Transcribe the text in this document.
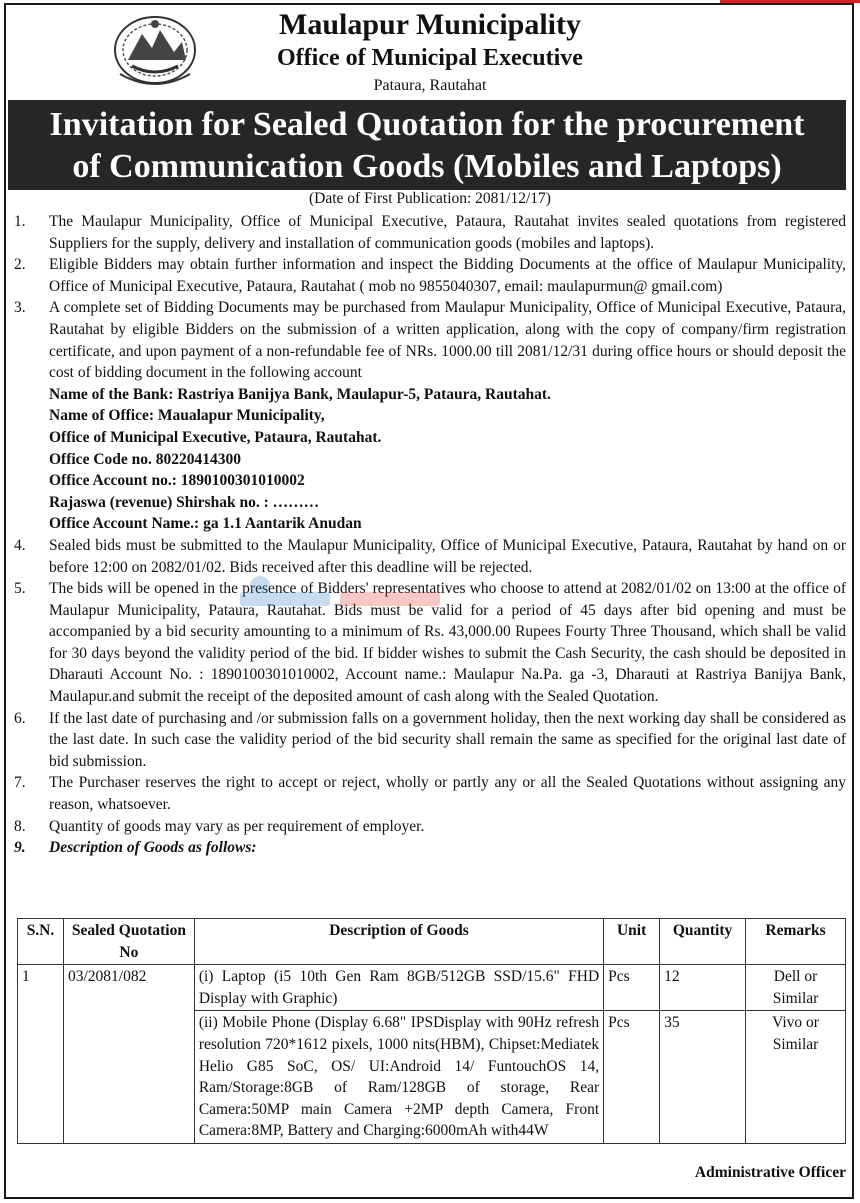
Maulapur Municipality
Office of Municipal Executive
Pataura, Rautahat
Invitation for Sealed Quotation for the procurement
of Communication Goods (Mobiles and Laptops)
(Date of First Publication: 2081/12/17)
1. The Maulapur Municipality, Office of Municipal Executive, Pataura, Rautahat invites sealed quotations from registered Suppliers for the supply, delivery and installation of communication goods (mobiles and laptops).
2. Eligible Bidders may obtain further information and inspect the Bidding Documents at the office of Maulapur Municipality, Office of Municipal Executive, Pataura, Rautahat ( mob no 9855040307, email: maulapurmun@ gmail.com)
3. A complete set of Bidding Documents may be purchased from Maulapur Municipality, Office of Municipal Executive, Pataura, Rautahat by eligible Bidders on the submission of a written application, along with the copy of company/firm registration certificate, and upon payment of a non-refundable fee of NRs. 1000.00 till 2081/12/31 during office hours or should deposit the cost of bidding document in the following account
Name of the Bank: Rastriya Banijya Bank, Maulapur-5, Pataura, Rautahat.
Name of Office: Maualapur Municipality,
Office of Municipal Executive, Pataura, Rautahat.
Office Code no. 80220414300
Office Account no.: 1890100301010002
Rajaswa (revenue) Shirshak no. : ………
Office Account Name.: ga 1.1 Aantarik Anudan
4. Sealed bids must be submitted to the Maulapur Municipality, Office of Municipal Executive, Pataura, Rautahat by hand on or before 12:00 on 2082/01/02. Bids received after this deadline will be rejected.
5. The bids will be opened in the presence of Bidders' representatives who choose to attend at 2082/01/02 on 13:00 at the office of Maulapur Municipality, Pataura, Rautahat. Bids must be valid for a period of 45 days after bid opening and must be accompanied by a bid security amounting to a minimum of Rs. 43,000.00 Rupees Fourty Three Thousand, which shall be valid for 30 days beyond the validity period of the bid. If bidder wishes to submit the Cash Security, the cash should be deposited in Dharauti Account No. : 1890100301010002, Account name.: Maulapur Na.Pa. ga -3, Dharauti at Rastriya Banijya Bank, Maulapur.and submit the receipt of the deposited amount of cash along with the Sealed Quotation.
6. If the last date of purchasing and /or submission falls on a government holiday, then the next working day shall be considered as the last date. In such case the validity period of the bid security shall remain the same as specified for the original last date of bid submission.
7. The Purchaser reserves the right to accept or reject, wholly or partly any or all the Sealed Quotations without assigning any reason, whatsoever.
8. Quantity of goods may vary as per requirement of employer.
9. Description of Goods as follows:
S.N.	Sealed Quotation No	Description of Goods	Unit	Quantity	Remarks
1	03/2081/082	(i) Laptop (i5 10th Gen Ram 8GB/512GB SSD/15.6" FHD Display with Graphic)	Pcs	12	Dell or Similar
		(ii) Mobile Phone (Display 6.68" IPSDisplay with 90Hz refresh resolution 720*1612 pixels, 1000 nits(HBM), Chipset:Mediatek Helio G85 SoC, OS/ UI:Android 14/ FuntouchOS 14, Ram/Storage:8GB of Ram/128GB of storage, Rear Camera:50MP main Camera +2MP depth Camera, Front Camera:8MP, Battery and Charging:6000mAh with44W	Pcs	35	Vivo or Similar
Administrative Officer
